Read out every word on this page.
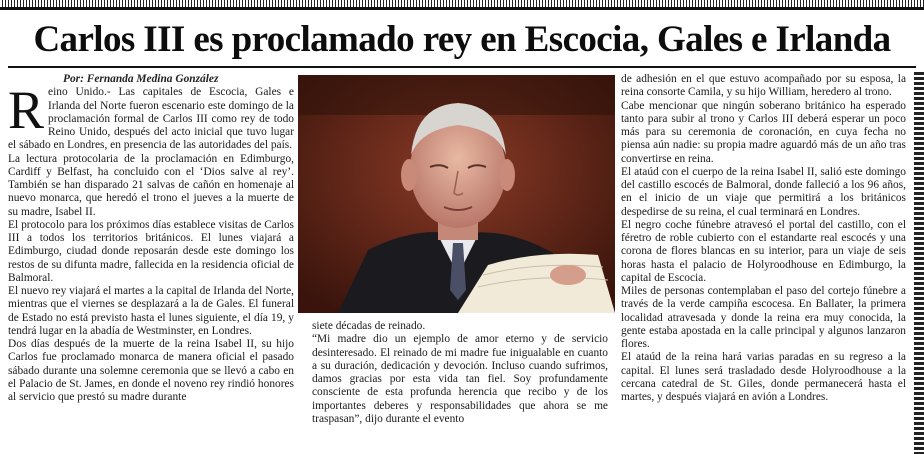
Carlos III es proclamado rey en Escocia, Gales e Irlanda

Por: Fernanda Medina González

Reino Unido.- Las capitales de Escocia, Gales e Irlanda del Norte fueron escenario este domingo de la proclamación formal de Carlos III como rey de todo Reino Unido, después del acto inicial que tuvo lugar el sábado en Londres, en presencia de las autoridades del país.

La lectura protocolaria de la proclamación en Edimburgo, Cardiff y Belfast, ha concluido con el ‘Dios salve al rey’. También se han disparado 21 salvas de cañón en homenaje al nuevo monarca, que heredó el trono el jueves a la muerte de su madre, Isabel II.

El protocolo para los próximos días establece visitas de Carlos III a todos los territorios británicos. El lunes viajará a Edimburgo, ciudad donde reposarán desde este domingo los restos de su difunta madre, fallecida en la residencia oficial de Balmoral.

El nuevo rey viajará el martes a la capital de Irlanda del Norte, mientras que el viernes se desplazará a la de Gales. El funeral de Estado no está previsto hasta el lunes siguiente, el día 19, y tendrá lugar en la abadía de Westminster, en Londres.

Dos días después de la muerte de la reina Isabel II, su hijo Carlos fue proclamado monarca de manera oficial el pasado sábado durante una solemne ceremonia que se llevó a cabo en el Palacio de St. James, en donde el noveno rey rindió honores al servicio que prestó su madre durante

siete décadas de reinado.

“Mi madre dio un ejemplo de amor eterno y de servicio desinteresado. El reinado de mi madre fue inigualable en cuanto a su duración, dedicación y devoción. Incluso cuando sufrimos, damos gracias por esta vida tan fiel. Soy profundamente consciente de esta profunda herencia que recibo y de los importantes deberes y responsabilidades que ahora se me traspasan”, dijo durante el evento

de adhesión en el que estuvo acompañado por su esposa, la reina consorte Camila, y su hijo William, heredero al trono.

Cabe mencionar que ningún soberano británico ha esperado tanto para subir al trono y Carlos III deberá esperar un poco más para su ceremonia de coronación, en cuya fecha no piensa aún nadie: su propia madre aguardó más de un año tras convertirse en reina.

El ataúd con el cuerpo de la reina Isabel II, salió este domingo del castillo escocés de Balmoral, donde falleció a los 96 años, en el inicio de un viaje que permitirá a los británicos despedirse de su reina, el cual terminará en Londres.

El negro coche fúnebre atravesó el portal del castillo, con el féretro de roble cubierto con el estandarte real escocés y una corona de flores blancas en su interior, para un viaje de seis horas hasta el palacio de Holyroodhouse en Edimburgo, la capital de Escocia.

Miles de personas contemplaban el paso del cortejo fúnebre a través de la verde campiña escocesa. En Ballater, la primera localidad atravesada y donde la reina era muy conocida, la gente estaba apostada en la calle principal y algunos lanzaron flores.

El ataúd de la reina hará varias paradas en su regreso a la capital. El lunes será trasladado desde Holyroodhouse a la cercana catedral de St. Giles, donde permanecerá hasta el martes, y después viajará en avión a Londres.
